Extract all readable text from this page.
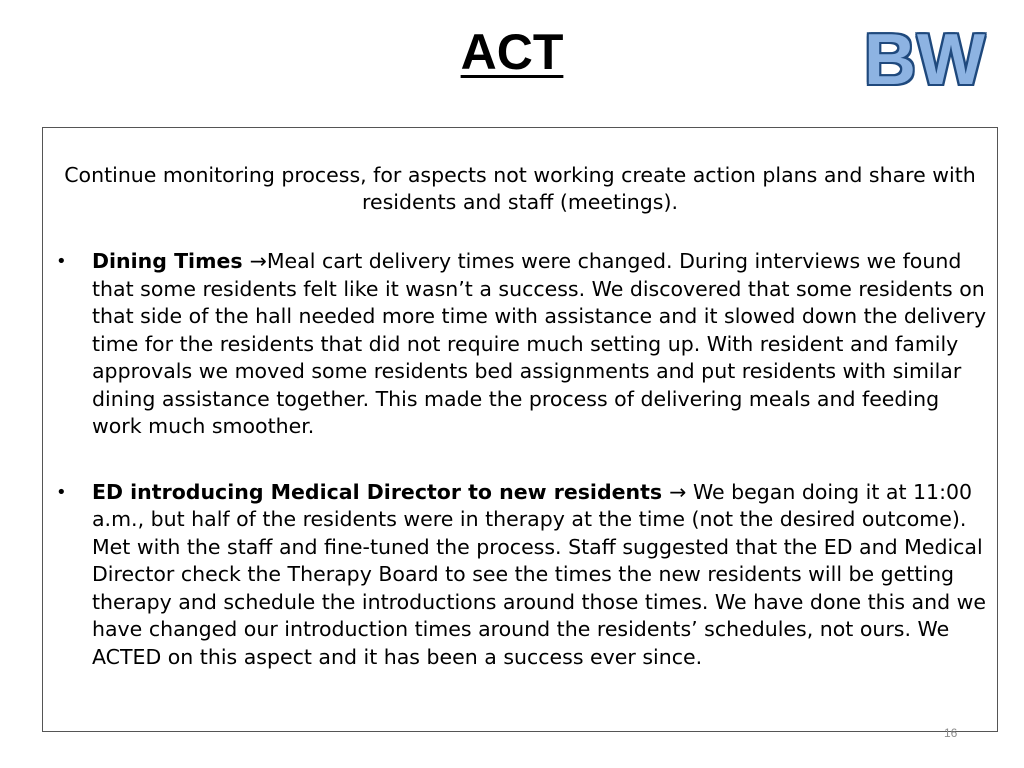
ACT	BW

Continue monitoring process, for aspects not working create action plans and share with residents and staff (meetings).

• Dining Times →Meal cart delivery times were changed. During interviews we found that some residents felt like it wasn’t a success. We discovered that some residents on that side of the hall needed more time with assistance and it slowed down the delivery time for the residents that did not require much setting up. With resident and family approvals we moved some residents bed assignments and put residents with similar dining assistance together. This made the process of delivering meals and feeding work much smoother.
• ED introducing Medical Director to new residents → We began doing it at 11:00 a.m., but half of the residents were in therapy at the time (not the desired outcome). Met with the staff and fine-tuned the process. Staff suggested that the ED and Medical Director check the Therapy Board to see the times the new residents will be getting therapy and schedule the introductions around those times. We have done this and we have changed our introduction times around the residents’ schedules, not ours. We ACTED on this aspect and it has been a success ever since.
16
